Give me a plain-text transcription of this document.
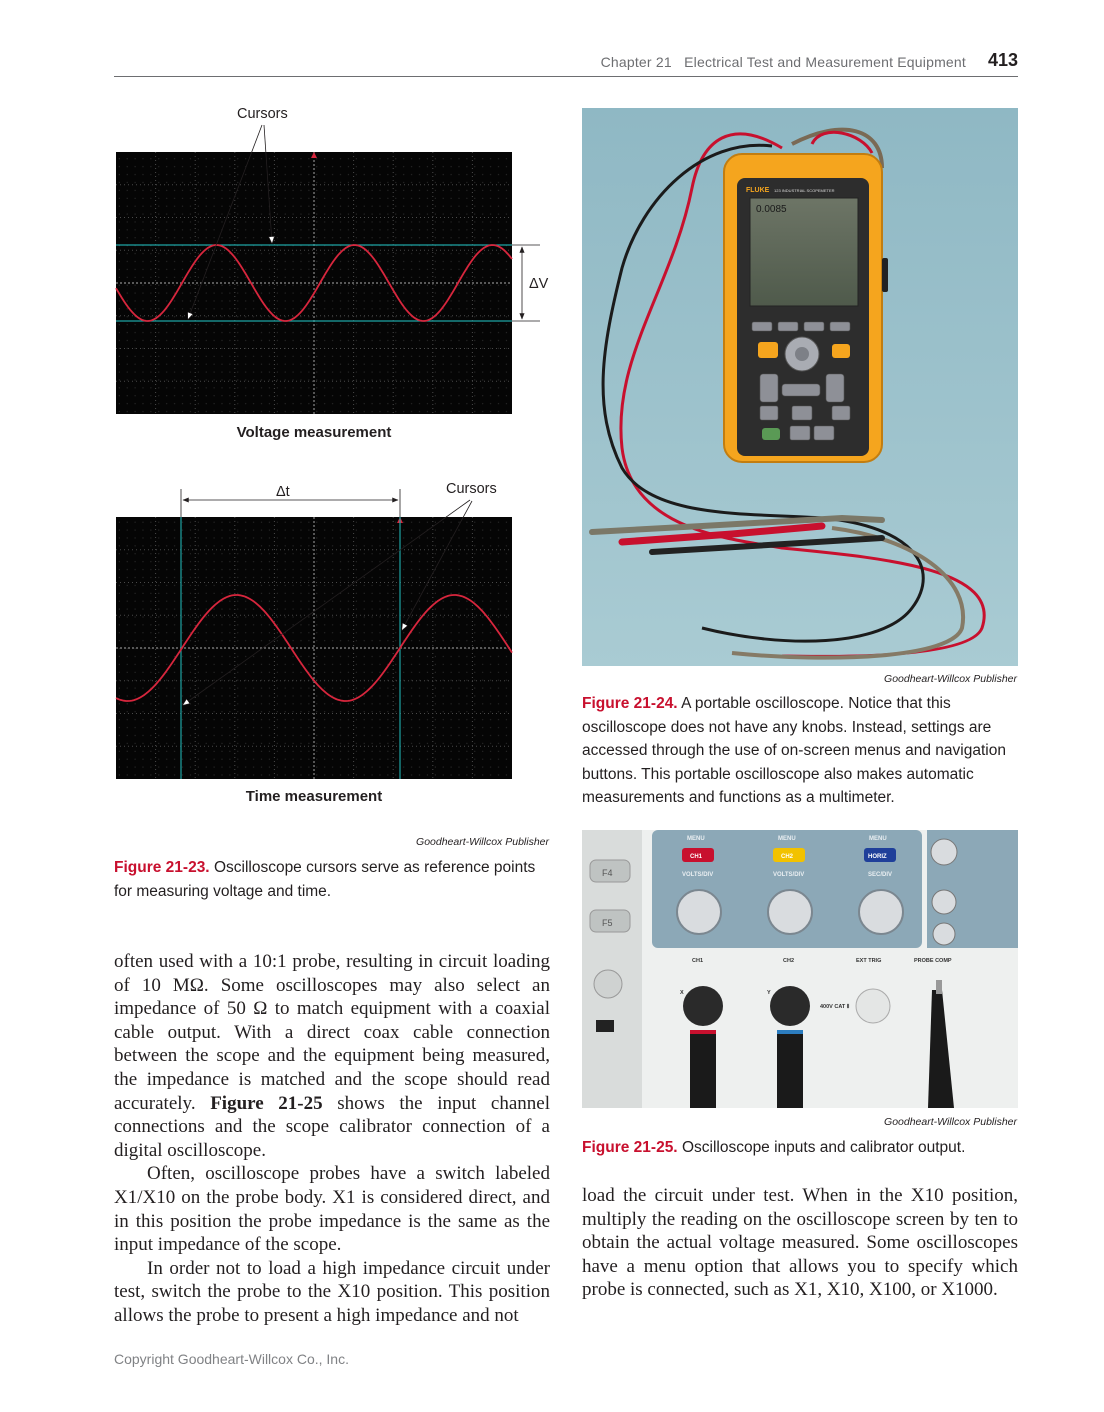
Chapter 21 Electrical Test and Measurement Equipment 413
Cursors
ΔV
Voltage measurement
Δt	Cursors
Time measurement
Goodheart-Willcox Publisher
Figure 21-23. Oscilloscope cursors serve as reference points for measuring voltage and time.
FLUKE 123 INDUSTRIAL SCOPEMETER
0.0085
Goodheart-Willcox Publisher
Figure 21-24. A portable oscilloscope. Notice that this oscilloscope does not have any knobs. Instead, settings are accessed through the use of on-screen menus and navigation buttons. This portable oscilloscope also makes automatic measurements and functions as a multimeter.
F4
F5
MENU	MENU	MENU
CH1	CH2	HORIZ
VOLTS/DIV	VOLTS/DIV	SEC/DIV
CH1	CH2	EXT TRIG	PROBE COMP
X	Y
400V CAT Ⅱ
Goodheart-Willcox Publisher
Figure 21-25. Oscilloscope inputs and calibrator output.

often used with a 10:1 probe, resulting in circuit loading of 10 MΩ. Some oscilloscopes may also select an impedance of 50 Ω to match equipment with a coaxial cable output. With a direct coax cable connection between the scope and the equipment being measured, the impedance is matched and the scope should read accurately. Figure 21-25 shows the input channel connections and the scope calibrator connection of a digital oscilloscope.

Often, oscilloscope probes have a switch labeled X1/X10 on the probe body. X1 is considered direct, and in this position the probe impedance is the same as the input impedance of the scope.

In order not to load a high impedance circuit under test, switch the probe to the X10 position. This position allows the probe to present a high impedance and not

load the circuit under test. When in the X10 position, multiply the reading on the oscilloscope screen by ten to obtain the actual voltage measured. Some oscilloscopes have a menu option that allows you to specify which probe is connected, such as X1, X10, X100, or X1000.

Copyright Goodheart-Willcox Co., Inc.
